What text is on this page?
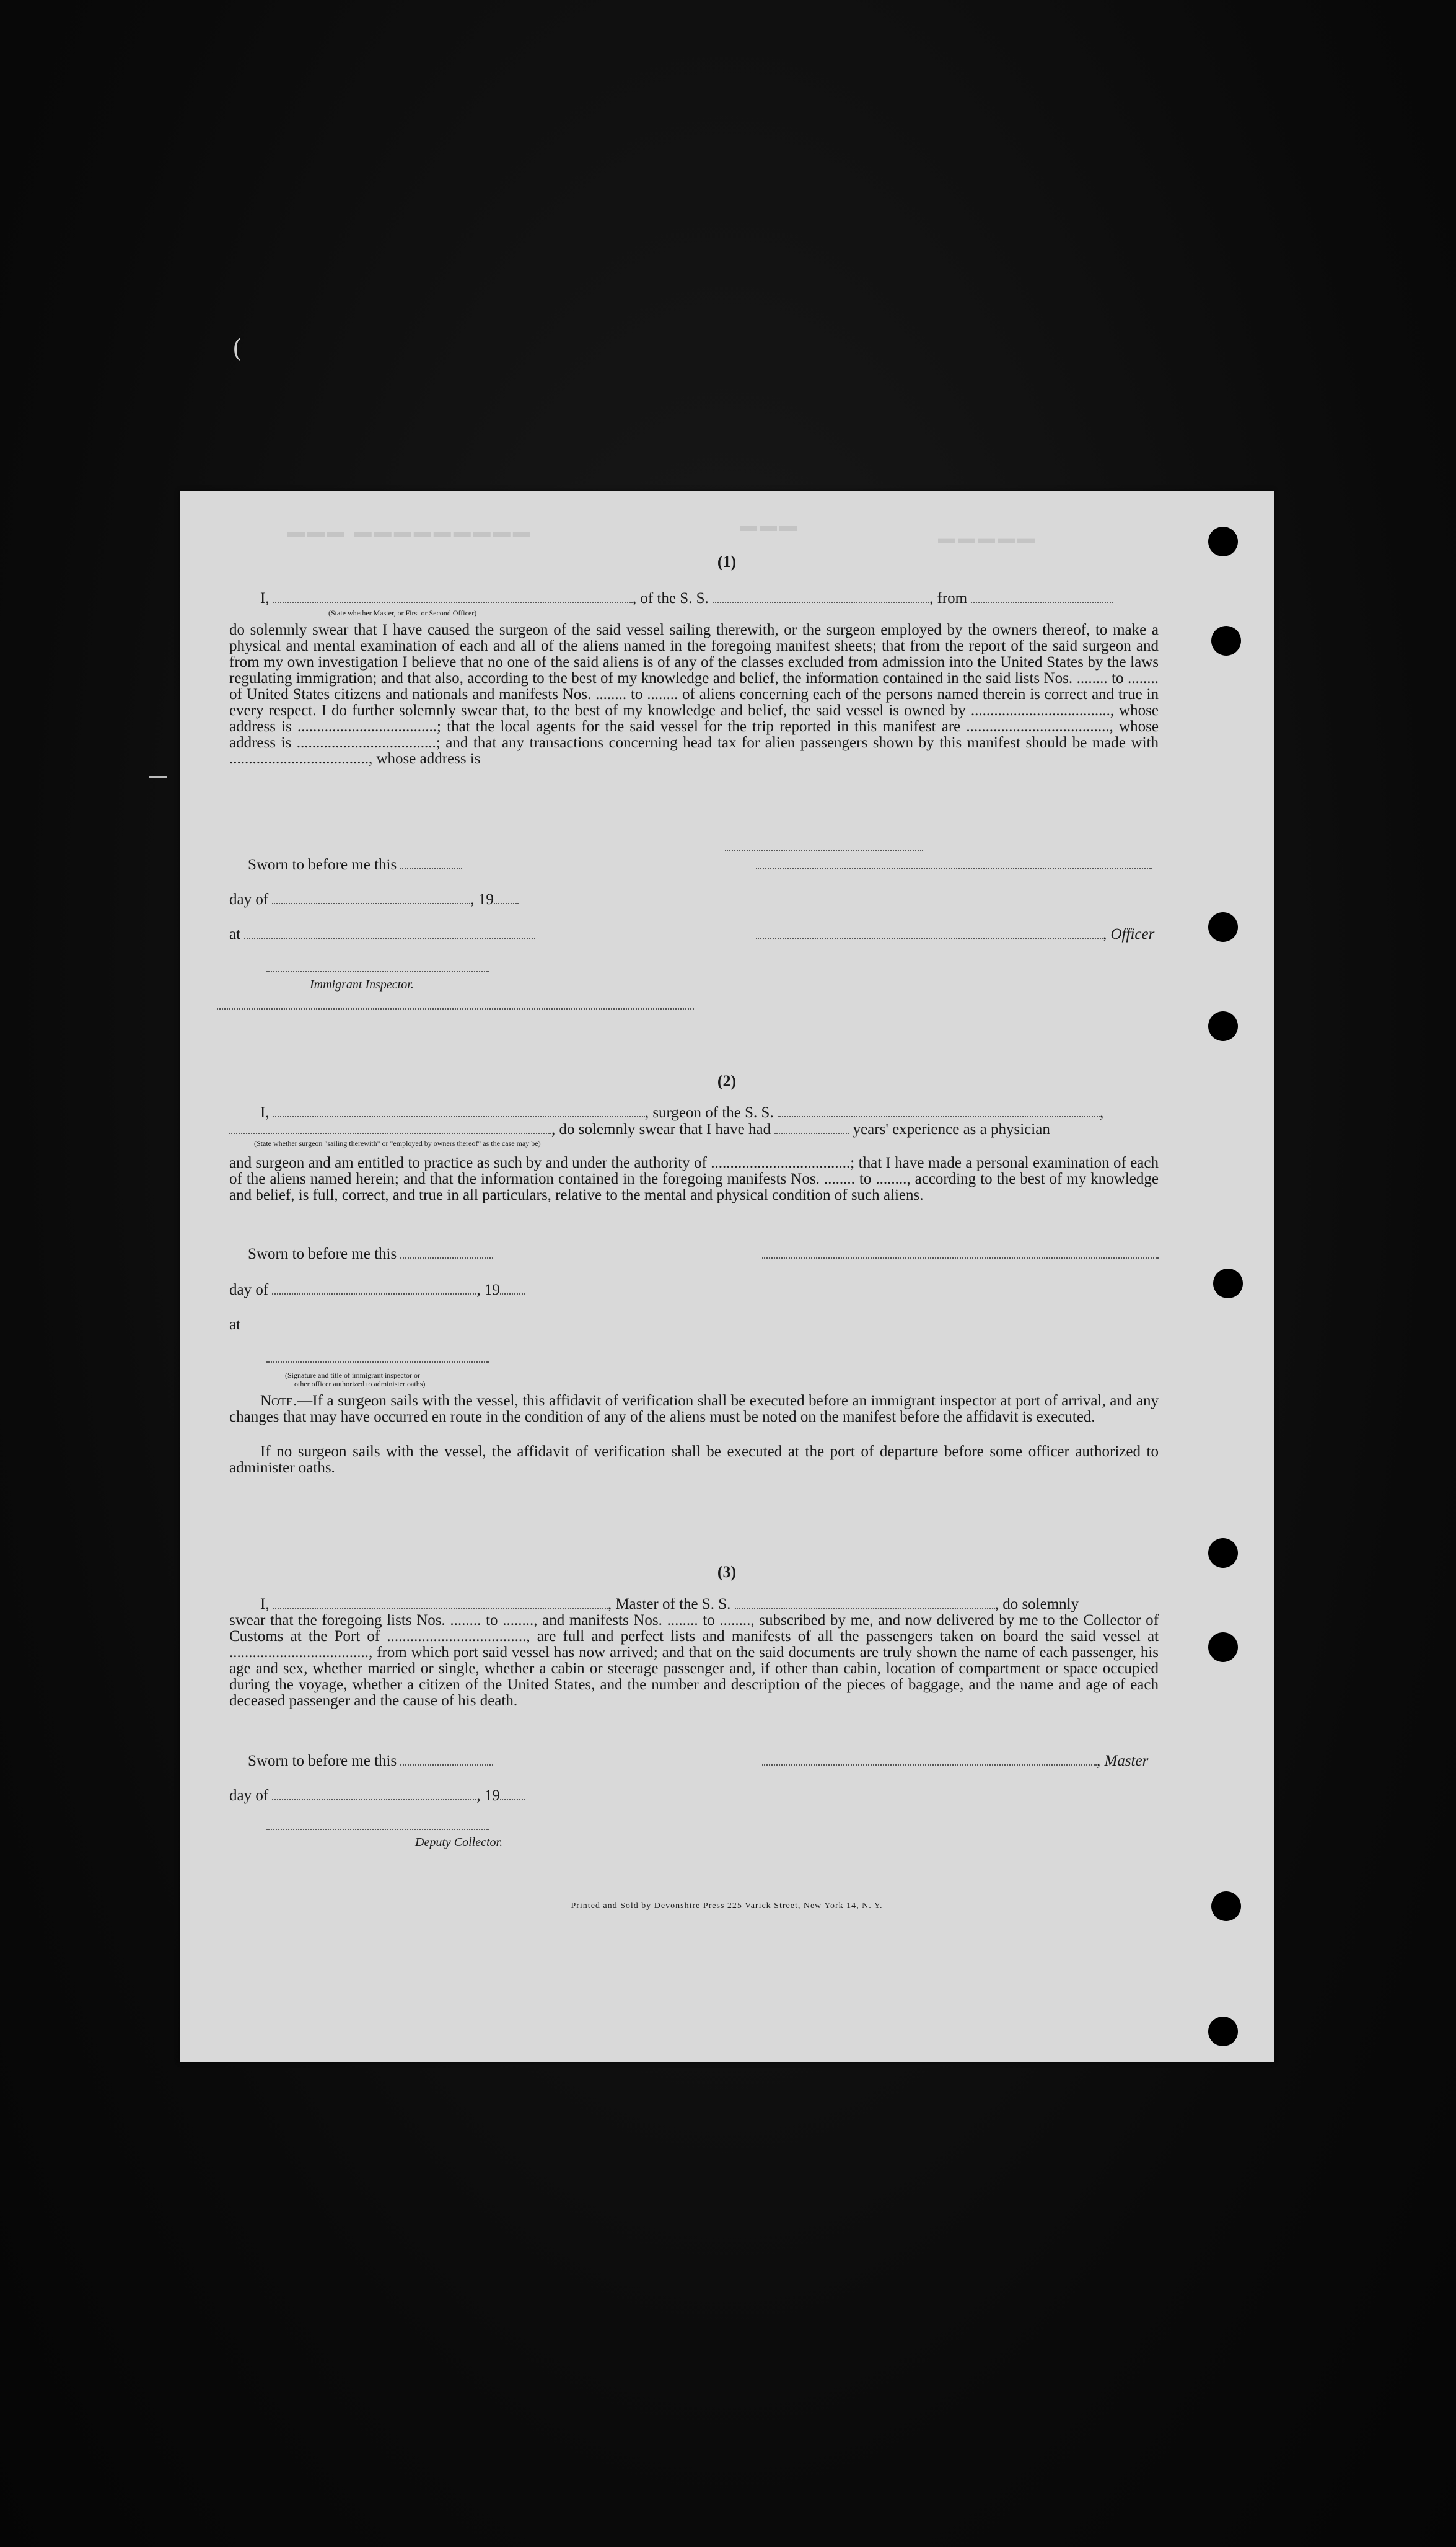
(
▬▬▬▬▬▬▬▬▬ ▬▬▬	▬▬▬
▬▬▬▬▬
(1)
I,	, of the S. S.	, from
(State whether Master, or First or Second Officer)
do solemnly swear that I have caused the surgeon of the said vessel sailing therewith, or the surgeon employed by the owners thereof, to make a physical and mental examination of each and all of the aliens named in the foregoing manifest sheets; that from the report of the said surgeon and from my own investigation I believe that no one of the said aliens is of any of the classes excluded from admission into the United States by the laws regulating immigration; and that also, according to the best of my knowledge and belief, the information contained in the said lists Nos. ........ to ........ of United States citizens and nationals and manifests Nos. ........ to ........ of aliens concerning each of the persons named therein is correct and true in every respect. I do further solemnly swear that, to the best of my knowledge and belief, the said vessel is owned by ...................................., whose address is ....................................; that the local agents for the said vessel for the trip reported in this manifest are ....................................., whose address is ....................................; and that any transactions concerning head tax for alien passengers shown by this manifest should be made with ...................................., whose address is
Sworn to before me this
day of	, 19
at	, Officer
Immigrant Inspector.
(2)
I,	, surgeon of the S. S.	,
, do solemnly swear that I have had	years' experience as a physician
(State whether surgeon "sailing therewith" or "employed by owners thereof" as the case may be)
and surgeon and am entitled to practice as such by and under the authority of ....................................; that I have made a personal examination of each of the aliens named herein; and that the information contained in the foregoing manifests Nos. ........ to ........, according to the best of my knowledge and belief, is full, correct, and true in all particulars, relative to the mental and physical condition of such aliens.
Sworn to before me this
day of	, 19
at
(Signature and title of immigrant inspector or
other officer authorized to administer oaths)
Note.—If a surgeon sails with the vessel, this affidavit of verification shall be executed before an immigrant inspector at port of arrival, and any changes that may have occurred en route in the condition of any of the aliens must be noted on the manifest before the affidavit is executed.
If no surgeon sails with the vessel, the affidavit of verification shall be executed at the port of departure before some officer authorized to administer oaths.
(3)
I,	, Master of the S. S.	, do solemnly
swear that the foregoing lists Nos. ........ to ........, and manifests Nos. ........ to ........, subscribed by me, and now delivered by me to the Collector of Customs at the Port of ...................................., are full and perfect lists and manifests of all the passengers taken on board the said vessel at ...................................., from which port said vessel has now arrived; and that on the said documents are truly shown the name of each passenger, his age and sex, whether married or single, whether a cabin or steerage passenger and, if other than cabin, location of compartment or space occupied during the voyage, whether a citizen of the United States, and the number and description of the pieces of baggage, and the name and age of each deceased passenger and the cause of his death.
Sworn to before me this	, Master
day of	, 19
Deputy Collector.
Printed and Sold by Devonshire Press 225 Varick Street, New York 14, N. Y.
